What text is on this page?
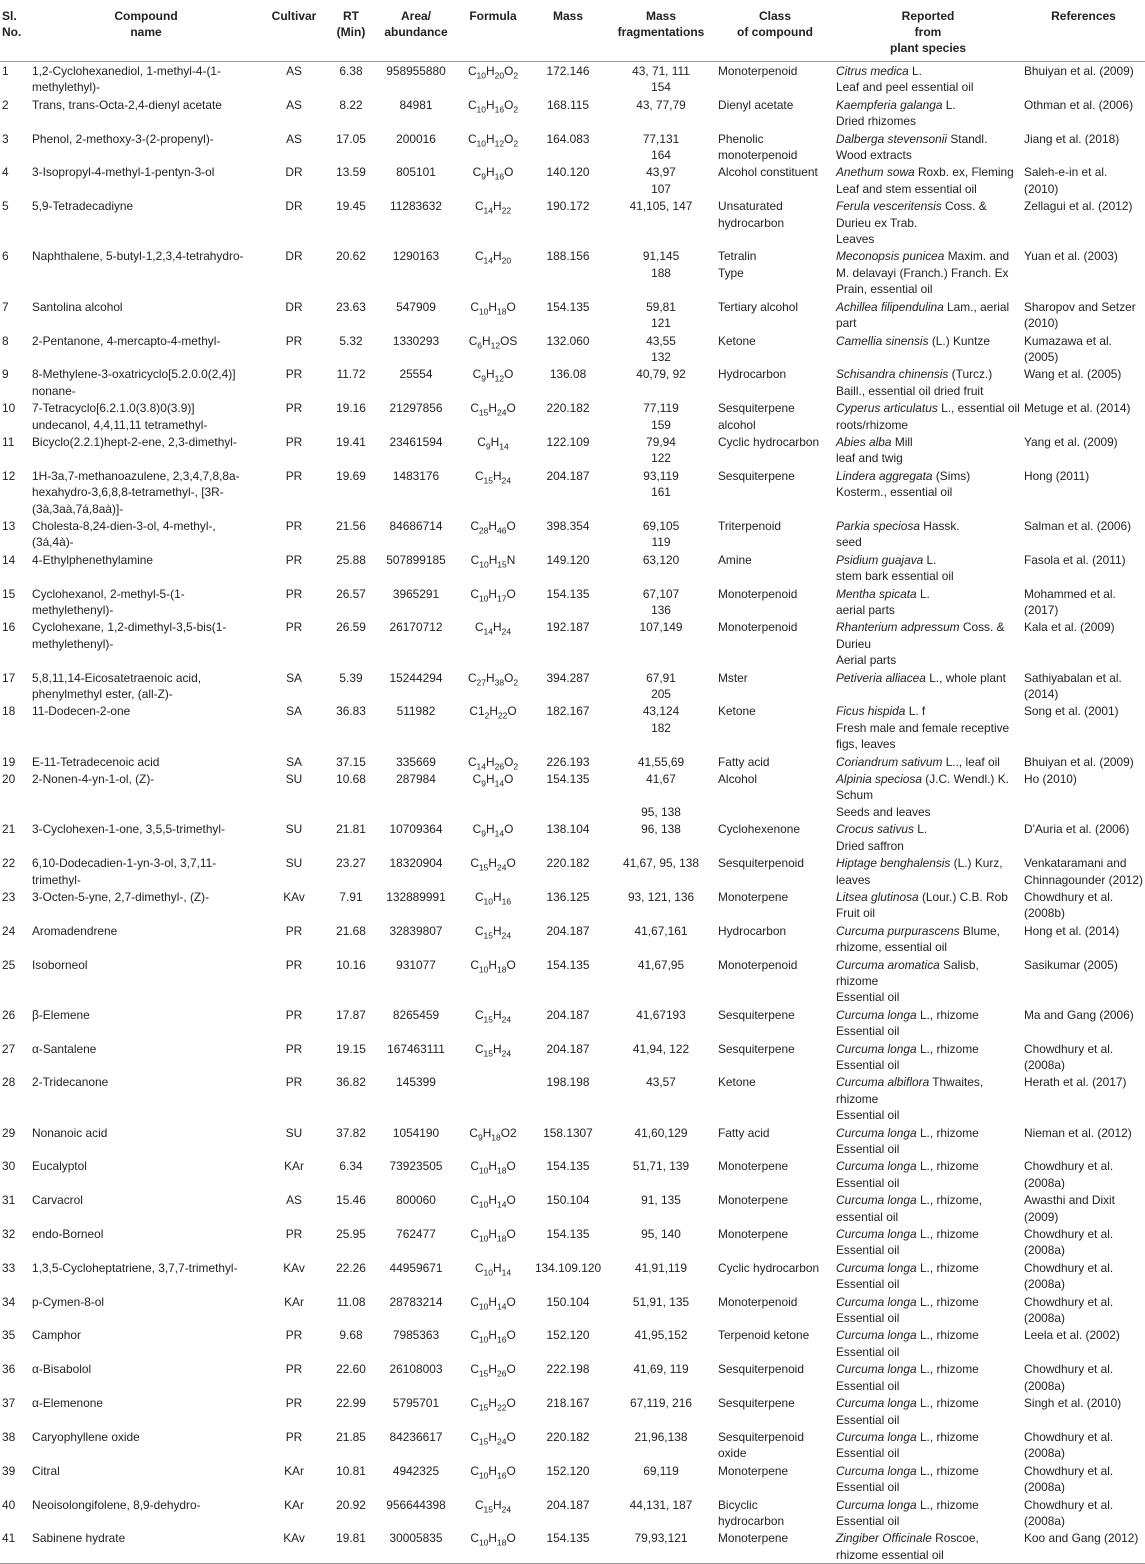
Sl.
No.	Compound
name	Cultivar	RT
(Min)	Area/
abundance	Formula	Mass	Mass
fragmentations	Class
of compound	Reported
from
plant species	References
1	1,2-Cyclohexanediol, 1-methyl-4-(1-
methylethyl)-	AS	6.38	958955880	$C_{10}H_{20}O_2$	172.146	43, 71, 111
154	Monoterpenoid	Citrus medica L.
Leaf and peel essential oil	Bhuiyan et al. (2009)
2	Trans, trans-Octa-2,4-dienyl acetate	AS	8.22	84981	$C_{10}H_{16}O_2$	168.115	43, 77,79	Dienyl acetate	Kaempferia galanga L.
Dried rhizomes	Othman et al. (2006)
3	Phenol, 2-methoxy-3-(2-propenyl)-	AS	17.05	200016	$C_{10}H_{12}O_2$	164.083	77,131
164	Phenolic
monoterpenoid	Dalberga stevensonii Standl.
Wood extracts	Jiang et al. (2018)
4	3-Isopropyl-4-methyl-1-pentyn-3-ol	DR	13.59	805101	$C_9H_{16}O$	140.120	43,97
107	Alcohol constituent	Anethum sowa Roxb. ex, Fleming
Leaf and stem essential oil	Saleh-e-in et al. (2010)
5	5,9-Tetradecadiyne	DR	19.45	11283632	$C_{14}H_{22}$	190.172	41,105, 147	Unsaturated
hydrocarbon	Ferula vesceritensis Coss. &
Durieu ex Trab.
Leaves	Zellagui et al. (2012)
6	Naphthalene, 5-butyl-1,2,3,4-tetrahydro-	DR	20.62	1290163	$C_{14}H_{20}$	188.156	91,145
188	Tetralin
Type	Meconopsis punicea Maxim. and
M. delavayi (Franch.) Franch. Ex
Prain, essential oil	Yuan et al. (2003)
7	Santolina alcohol	DR	23.63	547909	$C_{10}H_{18}O$	154.135	59,81
121	Tertiary alcohol	Achillea filipendulina Lam., aerial
part	Sharopov and Setzer
(2010)
8	2-Pentanone, 4-mercapto-4-methyl-	PR	5.32	1330293	$C_6H_{12}OS$	132.060	43,55
132	Ketone	Camellia sinensis (L.) Kuntze	Kumazawa et al. (2005)
9	8-Methylene-3-oxatricyclo[5.2.0.0(2,4)]
nonane-	PR	11.72	25554	$C_9H_{12}O$	136.08	40,79, 92	Hydrocarbon	Schisandra chinensis (Turcz.)
Baill., essential oil dried fruit	Wang et al. (2005)
10	7-Tetracyclo[6.2.1.0(3.8)0(3.9)]
undecanol, 4,4,11,11 tetramethyl-	PR	19.16	21297856	$C_{15}H_{24}O$	220.182	77,119
159	Sesquiterpene
alcohol	Cyperus articulatus L., essential oil
roots/rhizome	Metuge et al. (2014)
11	Bicyclo(2.2.1)hept-2-ene, 2,3-dimethyl-	PR	19.41	23461594	$C_9H_{14}$	122.109	79,94
122	Cyclic hydrocarbon	Abies alba Mill
leaf and twig	Yang et al. (2009)
12	1H-3a,7-methanoazulene, 2,3,4,7,8,8a-
hexahydro-3,6,8,8-tetramethyl-, [3R-
(3à,3aà,7á,8aà)]-	PR	19.69	1483176	$C_{15}H_{24}$	204.187	93,119
161	Sesquiterpene	Lindera aggregata (Sims)
Kosterm., essential oil	Hong (2011)
13	Cholesta-8,24-dien-3-ol, 4-methyl-,
(3á,4à)-	PR	21.56	84686714	$C_{28}H_{46}O$	398.354	69,105
119	Triterpenoid	Parkia speciosa Hassk.
seed	Salman et al. (2006)
14	4-Ethylphenethylamine	PR	25.88	507899185	$C_{10}H_{15}N$	149.120	63,120	Amine	Psidium guajava L.
stem bark essential oil	Fasola et al. (2011)
15	Cyclohexanol, 2-methyl-5-(1-
methylethenyl)-	PR	26.57	3965291	$C_{10}H_{17}O$	154.135	67,107
136	Monoterpenoid	Mentha spicata L.
aerial parts	Mohammed et al.
(2017)
16	Cyclohexane, 1,2-dimethyl-3,5-bis(1-
methylethenyl)-	PR	26.59	26170712	$C_{14}H_{24}$	192.187	107,149	Monoterpenoid	Rhanterium adpressum Coss. &
Durieu
Aerial parts	Kala et al. (2009)
17	5,8,11,14-Eicosatetraenoic acid,
phenylmethyl ester, (all-Z)-	SA	5.39	15244294	$C_{27}H_{38}O_2$	394.287	67,91
205	Mster	Petiveria alliacea L., whole plant	Sathiyabalan et al.
(2014)
18	11-Dodecen-2-one	SA	36.83	511982	$C1_2H_{22}O$	182.167	43,124
182	Ketone	Ficus hispida L. f
Fresh male and female receptive
figs, leaves	Song et al. (2001)
19	E-11-Tetradecenoic acid	SA	37.15	335669	$C_{14}H_{26}O_2$	226.193	41,55,69	Fatty acid	Coriandrum sativum L.., leaf oil	Bhuiyan et al. (2009)
20	2-Nonen-4-yn-1-ol, (Z)-	SU	10.68	287984	$C_9H_{14}O$	154.135	41,67

95, 138	Alcohol	Alpinia speciosa (J.C. Wendl.) K.
Schum
Seeds and leaves	Ho (2010)
21	3-Cyclohexen-1-one, 3,5,5-trimethyl-	SU	21.81	10709364	$C_9H_{14}O$	138.104	96, 138	Cyclohexenone	Crocus sativus L.
Dried saffron	D'Auria et al. (2006)
22	6,10-Dodecadien-1-yn-3-ol, 3,7,11-
trimethyl-	SU	23.27	18320904	$C_{15}H_{24}O$	220.182	41,67, 95, 138	Sesquiterpenoid	Hiptage benghalensis (L.) Kurz,
leaves	Venkataramani and
Chinnagounder (2012)
23	3-Octen-5-yne, 2,7-dimethyl-, (Z)-	KAv	7.91	132889991	$C_{10}H_{16}$	136.125	93, 121, 136	Monoterpene	Litsea glutinosa (Lour.) C.B. Rob
Fruit oil	Chowdhury et al.
(2008b)
24	Aromadendrene	PR	21.68	32839807	$C_{15}H_{24}$	204.187	41,67,161	Hydrocarbon	Curcuma purpurascens Blume,
rhizome, essential oil	Hong et al. (2014)
25	Isoborneol	PR	10.16	931077	$C_{10}H_{18}O$	154.135	41,67,95	Monoterpenoid	Curcuma aromatica Salisb,
rhizome
Essential oil	Sasikumar (2005)
26	β-Elemene	PR	17.87	8265459	$C_{15}H_{24}$	204.187	41,67193	Sesquiterpene	Curcuma longa L., rhizome
Essential oil	Ma and Gang (2006)
27	α-Santalene	PR	19.15	167463111	$C_{15}H_{24}$	204.187	41,94, 122	Sesquiterpene	Curcuma longa L., rhizome
Essential oil	Chowdhury et al.
(2008a)
28	2-Tridecanone	PR	36.82	145399		198.198	43,57	Ketone	Curcuma albiflora Thwaites,
rhizome
Essential oil	Herath et al. (2017)
29	Nonanoic acid	SU	37.82	1054190	$C_9H_{18}O2$	158.1307	41,60,129	Fatty acid	Curcuma longa L., rhizome
Essential oil	Nieman et al. (2012)
30	Eucalyptol	KAr	6.34	73923505	$C_{10}H_{18}O$	154.135	51,71, 139	Monoterpene	Curcuma longa L., rhizome
Essential oil	Chowdhury et al.
(2008a)
31	Carvacrol	AS	15.46	800060	$C_{10}H_{14}O$	150.104	91, 135	Monoterpene	Curcuma longa L., rhizome,
essential oil	Awasthi and Dixit
(2009)
32	endo-Borneol	PR	25.95	762477	$C_{10}H_{18}O$	154.135	95, 140	Monoterpene	Curcuma longa L., rhizome
Essential oil	Chowdhury et al.
(2008a)
33	1,3,5-Cycloheptatriene, 3,7,7-trimethyl-	KAv	22.26	44959671	$C_{10}H_{14}$	134.109.120	41,91,119	Cyclic hydrocarbon	Curcuma longa L., rhizome
Essential oil	Chowdhury et al.
(2008a)
34	p-Cymen-8-ol	KAr	11.08	28783214	$C_{10}H_{14}O$	150.104	51,91, 135	Monoterpenoid	Curcuma longa L., rhizome
Essential oil	Chowdhury et al.
(2008a)
35	Camphor	PR	9.68	7985363	$C_{10}H_{16}O$	152.120	41,95,152	Terpenoid ketone	Curcuma longa L., rhizome
Essential oil	Leela et al. (2002)
36	α-Bisabolol	PR	22.60	26108003	$C_{15}H_{26}O$	222.198	41,69, 119	Sesquiterpenoid	Curcuma longa L., rhizome
Essential oil	Chowdhury et al.
(2008a)
37	α-Elemenone	PR	22.99	5795701	$C_{15}H_{22}O$	218.167	67,119, 216	Sesquiterpene	Curcuma longa L., rhizome
Essential oil	Singh et al. (2010)
38	Caryophyllene oxide	PR	21.85	84236617	$C_{15}H_{24}O$	220.182	21,96,138	Sesquiterpenoid
oxide	Curcuma longa L., rhizome
Essential oil	Chowdhury et al.
(2008a)
39	Citral	KAr	10.81	4942325	$C_{10}H_{16}O$	152.120	69,119	Monoterpene	Curcuma longa L., rhizome
Essential oil	Chowdhury et al.
(2008a)
40	Neoisolongifolene, 8,9-dehydro-	KAr	20.92	956644398	$C_{15}H_{24}$	204.187	44,131, 187	Bicyclic
hydrocarbon	Curcuma longa L., rhizome
Essential oil	Chowdhury et al.
(2008a)
41	Sabinene hydrate	KAv	19.81	30005835	$C_{10}H_{18}O$	154.135	79,93,121	Monoterpene	Zingiber Officinale Roscoe,
rhizome essential oil	Koo and Gang (2012)
